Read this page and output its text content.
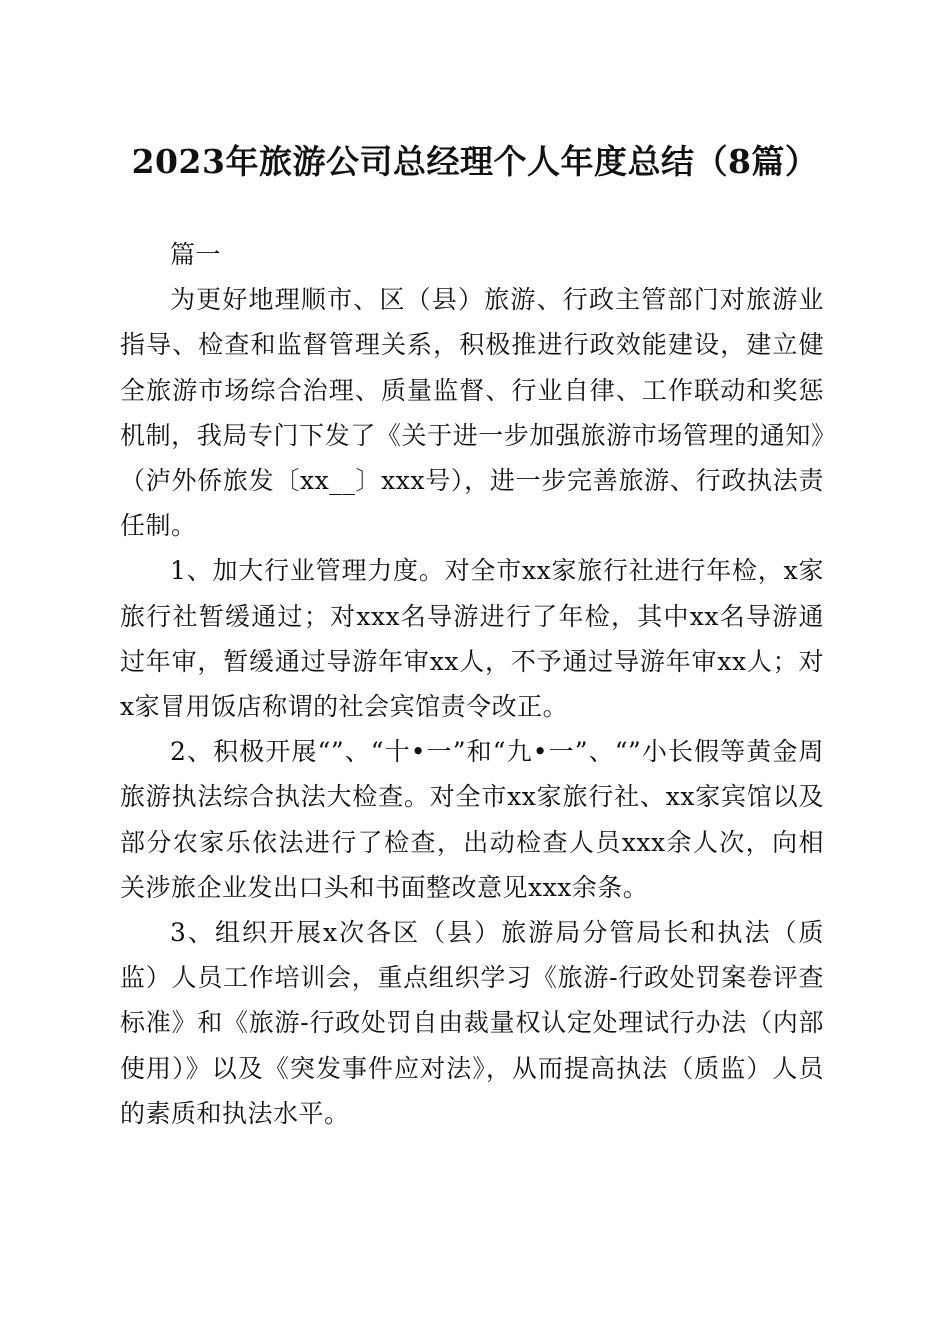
2023年旅游公司总经理个人年度总结（8篇）

篇一

为更好地理顺市、区（县）旅游、行政主管部门对旅游业指导、检查和监督管理关系，积极推进行政效能建设，建立健全旅游市场综合治理、质量监督、行业自律、工作联动和奖惩机制，我局专门下发了《关于进一步加强旅游市场管理的通知》（泸外侨旅发〔xx__〕xxx号），进一步完善旅游、行政执法责任制。

1、加大行业管理力度。对全市xx家旅行社进行年检，x家旅行社暂缓通过；对xxx名导游进行了年检，其中xx名导游通过年审，暂缓通过导游年审xx人，不予通过导游年审xx人；对x家冒用饭店称谓的社会宾馆责令改正。

2、积极开展“”、“十•一”和“九•一”、“”小长假等黄金周旅游执法综合执法大检查。对全市xx家旅行社、xx家宾馆以及部分农家乐依法进行了检查，出动检查人员xxx余人次，向相关涉旅企业发出口头和书面整改意见xxx余条。

3、组织开展x次各区（县）旅游局分管局长和执法（质监）人员工作培训会，重点组织学习《旅游-行政处罚案卷评查标准》和《旅游-行政处罚自由裁量权认定处理试行办法（内部使用）》以及《突发事件应对法》，从而提高执法（质监）人员的素质和执法水平。
